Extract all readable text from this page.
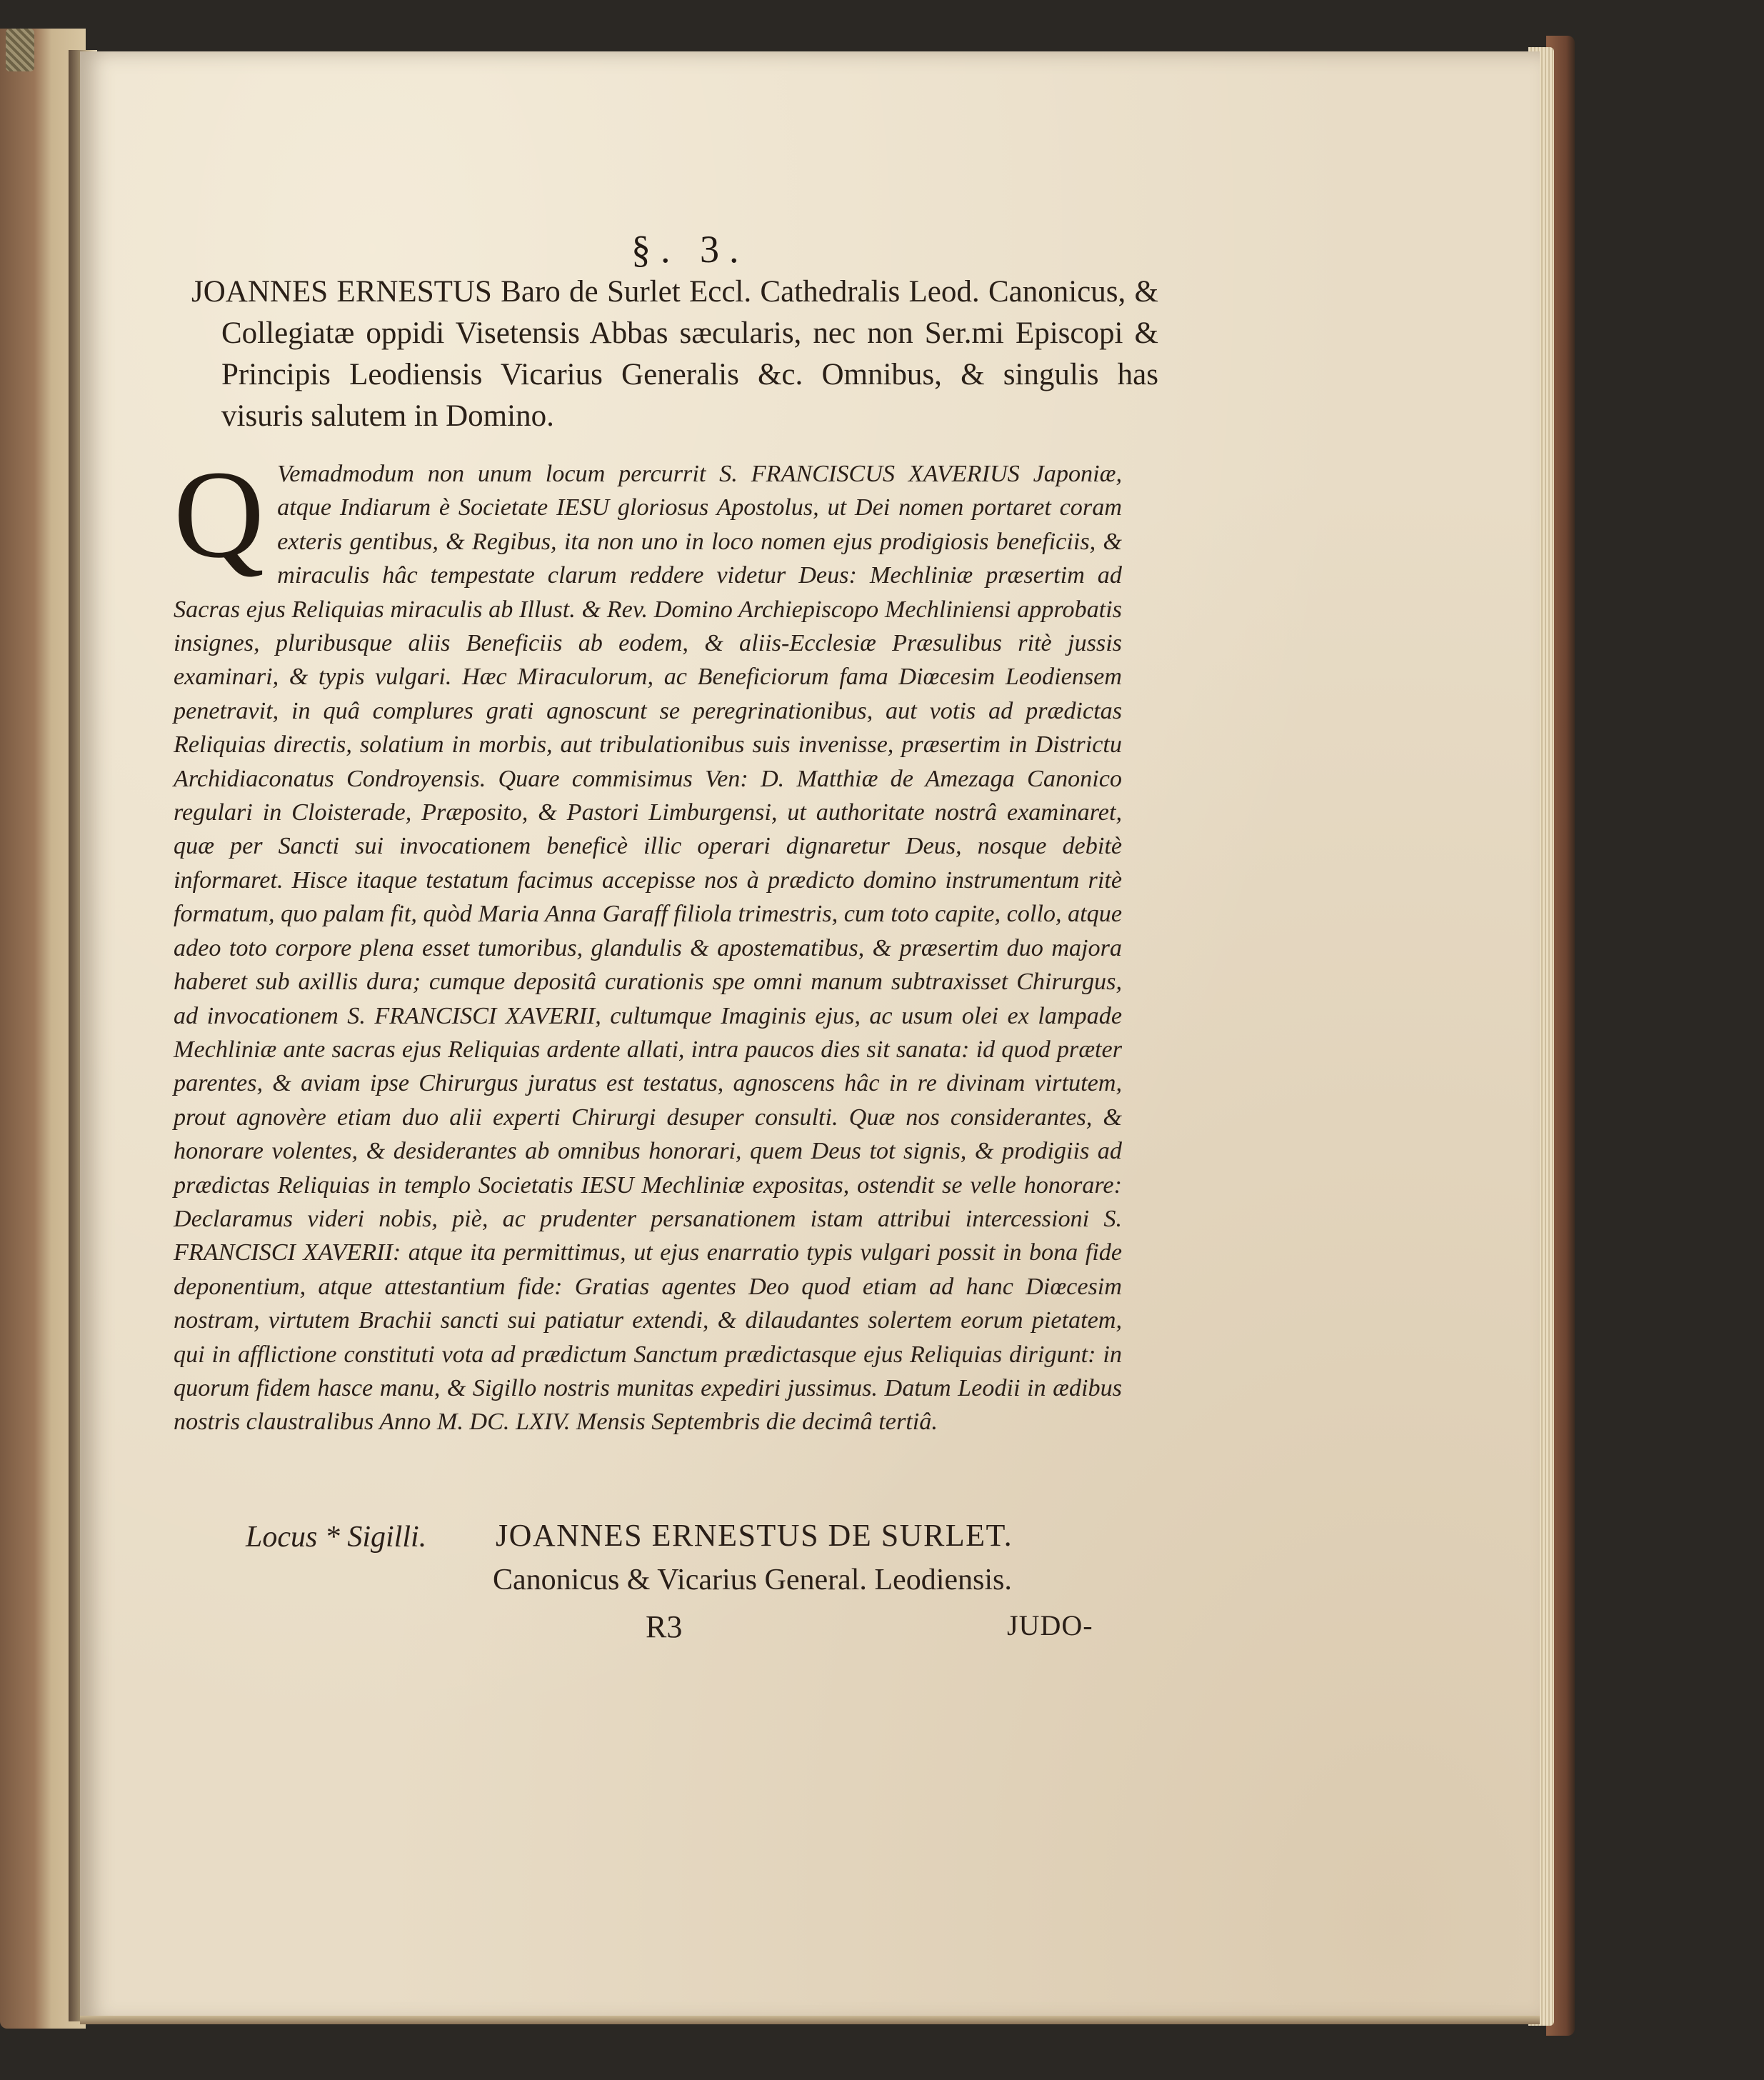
§. 3.
JOANNES ERNESTUS Baro de Surlet Eccl. Cathedralis Leod. Canonicus, & Collegiatæ oppidi Visetensis Abbas sæcularis, nec non Ser.mi Episcopi & Principis Leodiensis Vicarius Generalis &c. Omnibus, & singulis has visuris salutem in Domino.
Q Vemadmodum non unum locum percurrit S. FRANCISCUS XAVERIUS Japoniæ, atque Indiarum è Societate IESU gloriosus Apostolus, ut Dei nomen portaret coram exteris gentibus, & Regibus, ita non uno in loco nomen ejus prodigiosis beneficiis, & miraculis hâc tempestate clarum reddere videtur Deus: Mechliniæ præsertim ad Sacras ejus Reliquias miraculis ab Illust. & Rev. Domino Archiepiscopo Mechliniensi approbatis insignes, pluribusque aliis Beneficiis ab eodem, & aliis-Ecclesiæ Præsulibus ritè jussis examinari, & typis vulgari. Hæc Miraculorum, ac Beneficiorum fama Diœcesim Leodiensem penetravit, in quâ complures grati agnoscunt se peregrinationibus, aut votis ad prædictas Reliquias directis, solatium in morbis, aut tribulationibus suis invenisse, præsertim in Districtu Archidiaconatus Condroyensis. Quare commisimus Ven: D. Matthiæ de Amezaga Canonico regulari in Cloisterade, Præposito, & Pastori Limburgensi, ut authoritate nostrâ examinaret, quæ per Sancti sui invocationem beneficè illic operari dignaretur Deus, nosque debitè informaret. Hisce itaque testatum facimus accepisse nos à prædicto domino instrumentum ritè formatum, quo palam fit, quòd Maria Anna Garaff filiola trimestris, cum toto capite, collo, atque adeo toto corpore plena esset tumoribus, glandulis & apostematibus, & præsertim duo majora haberet sub axillis dura; cumque depositâ curationis spe omni manum subtraxisset Chirurgus, ad invocationem S. FRANCISCI XAVERII, cultumque Imaginis ejus, ac usum olei ex lampade Mechliniæ ante sacras ejus Reliquias ardente allati, intra paucos dies sit sanata: id quod præter parentes, & aviam ipse Chirurgus juratus est testatus, agnoscens hâc in re divinam virtutem, prout agnovère etiam duo alii experti Chirurgi desuper consulti. Quæ nos considerantes, & honorare volentes, & desiderantes ab omnibus honorari, quem Deus tot signis, & prodigiis ad prædictas Reliquias in templo Societatis IESU Mechliniæ expositas, ostendit se velle honorare: Declaramus videri nobis, piè, ac prudenter persanationem istam attribui intercessioni S. FRANCISCI XAVERII: atque ita permittimus, ut ejus enarratio typis vulgari possit in bona fide deponentium, atque attestantium fide: Gratias agentes Deo quod etiam ad hanc Diœcesim nostram, virtutem Brachii sancti sui patiatur extendi, & dilaudantes solertem eorum pietatem, qui in afflictione constituti vota ad prædictum Sanctum prædictasque ejus Reliquias dirigunt: in quorum fidem hasce manu, & Sigillo nostris munitas expediri jussimus. Datum Leodii in ædibus nostris claustralibus Anno M. DC. LXIV. Mensis Septembris die decimâ tertiâ.
Locus * Sigilli. JOANNES ERNESTUS DE SURLET.
Canonicus & Vicarius General. Leodiensis.
R3	JUDO-
